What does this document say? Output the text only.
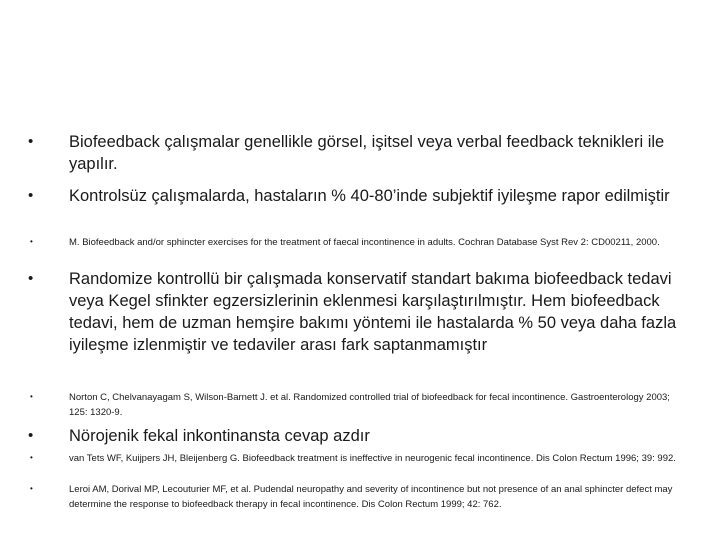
• Biofeedback çalışmalar genellikle görsel, işitsel veya verbal feedback teknikleri ile yapılır.

• Kontrolsüz çalışmalarda, hastaların % 40-80’inde subjektif iyileşme rapor edilmiştir

•	M. Biofeedback and/or sphincter exercises for the treatment of faecal incontinence in adults. Cochran Database Syst Rev 2: CD00211, 2000.

• Randomize kontrollü bir çalışmada konservatif standart bakıma biofeedback tedavi veya Kegel sfinkter egzersizlerinin eklenmesi karşılaştırılmıştır. Hem biofeedback tedavi, hem de uzman hemşire bakımı yöntemi ile hastalarda % 50 veya daha fazla iyileşme izlenmiştir ve tedaviler arası fark saptanmamıştır

•	Norton C, Chelvanayagam S, Wilson-Barnett J. et al. Randomized controlled trial of biofeedback for fecal incontinence. Gastroenterology 2003; 125: 1320-9.

• Nörojenik fekal inkontinansta cevap azdır

•	van Tets WF, Kuijpers JH, Bleijenberg G. Biofeedback treatment is ineffective in neurogenic fecal incontinence. Dis Colon Rectum 1996; 39: 992.

•	Leroi AM, Dorival MP, Lecouturier MF, et al. Pudendal neuropathy and severity of incontinence but not presence of an anal sphincter defect may determine the response to biofeedback therapy in fecal incontinence. Dis Colon Rectum 1999; 42: 762.
